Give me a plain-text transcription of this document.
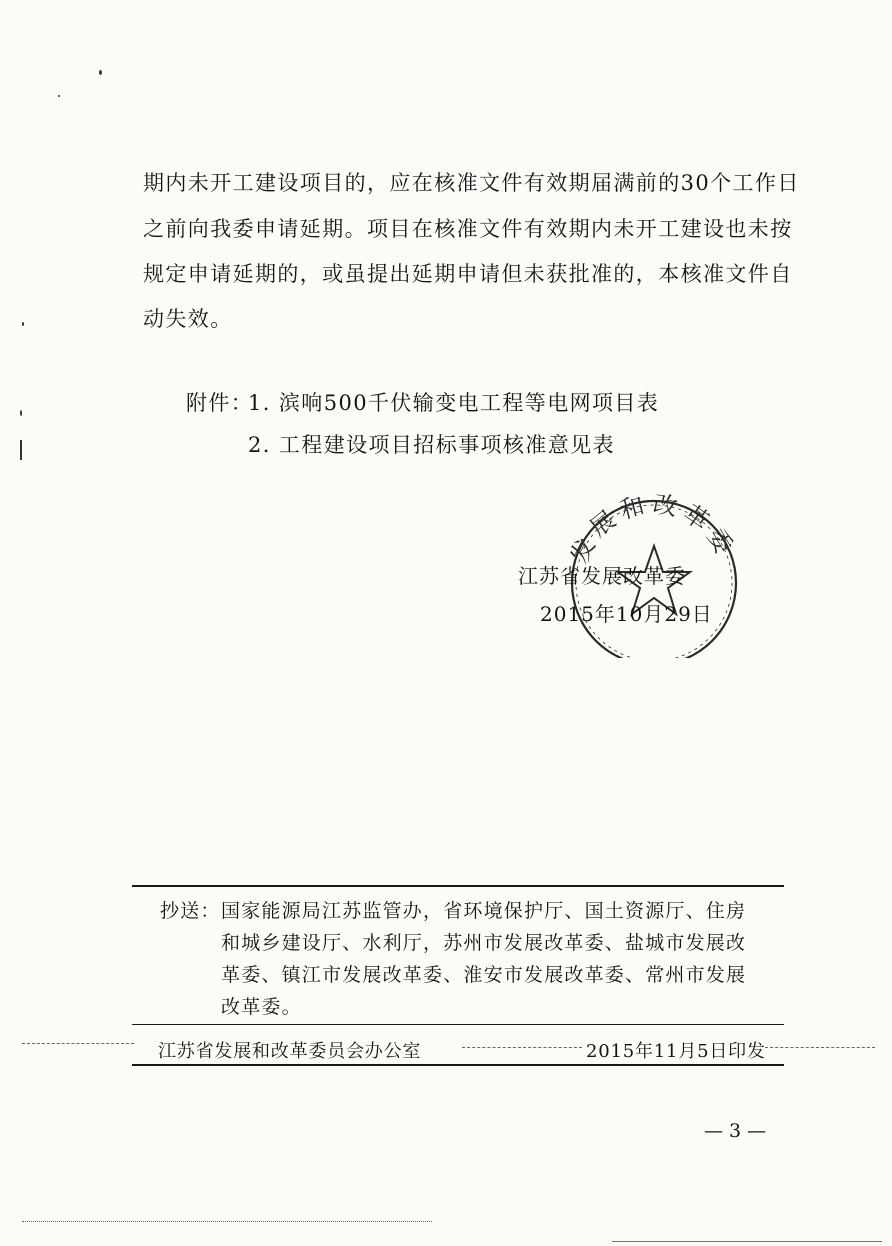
期内未开工建设项目的，应在核准文件有效期届满前的30个工作日
之前向我委申请延期。项目在核准文件有效期内未开工建设也未按
规定申请延期的，或虽提出延期申请但未获批准的，本核准文件自
动失效。
附件：
1. 滨响500千伏输变电工程等电网项目表
2. 工程建设项目招标事项核准意见表
发展和改革委
江苏省发展改革委
2015年10月29日
抄送： 国家能源局江苏监管办，省环境保护厅、国土资源厅、住房
和城乡建设厅、水利厅，苏州市发展改革委、盐城市发展改
革委、镇江市发展改革委、淮安市发展改革委、常州市发展
改革委。
江苏省发展和改革委员会办公室	2015年11月5日印发
— 3 —
